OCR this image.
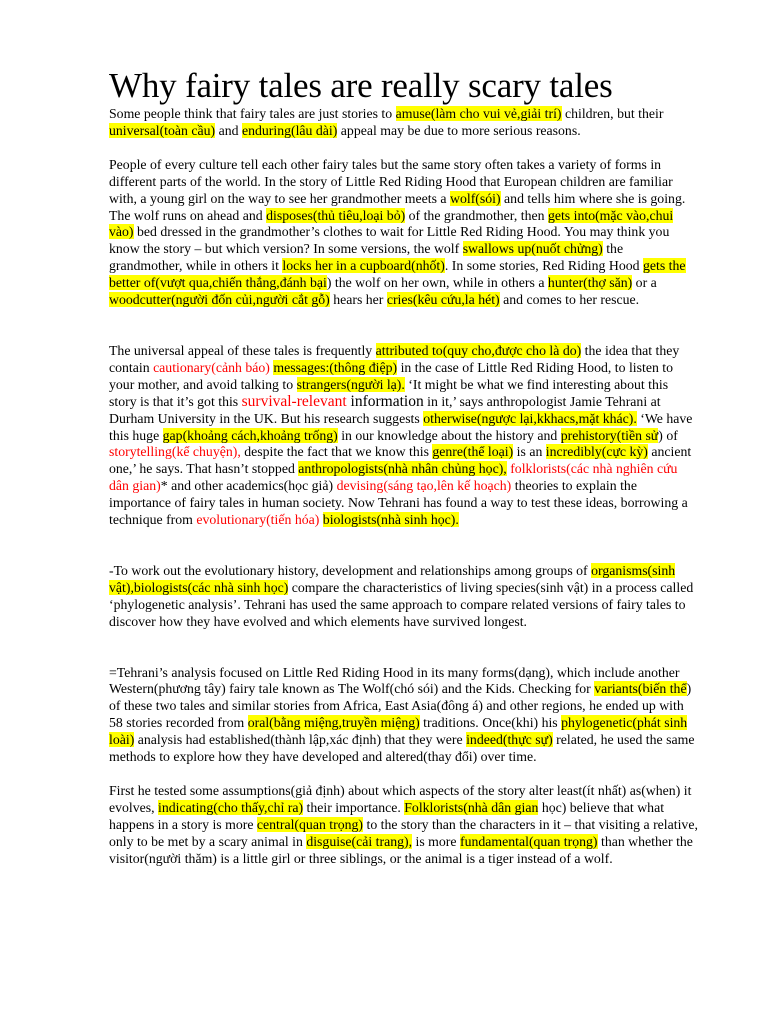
Why fairy tales are really scary tales

Some people think that fairy tales are just stories to amuse(làm cho vui vẻ,giải trí) children, but their universal(toàn cầu) and enduring(lâu dài) appeal may be due to more serious reasons.

People of every culture tell each other fairy tales but the same story often takes a variety of forms in different parts of the world. In the story of Little Red Riding Hood that European children are familiar with, a young girl on the way to see her grandmother meets a wolf(sói) and tells him where she is going. The wolf runs on ahead and disposes(thủ tiêu,loại bỏ) of the grandmother, then gets into(mặc vào,chui vào) bed dressed in the grandmother’s clothes to wait for Little Red Riding Hood. You may think you know the story – but which version? In some versions, the wolf swallows up(nuốt chửng) the grandmother, while in others it locks her in a cupboard(nhốt). In some stories, Red Riding Hood gets the better of(vượt qua,chiến thắng,đánh bại) the wolf on her own, while in others a hunter(thợ săn) or a woodcutter(người đốn củi,người cắt gỗ) hears her cries(kêu cứu,la hét) and comes to her rescue.

The universal appeal of these tales is frequently attributed to(quy cho,được cho là do) the idea that they contain cautionary(cảnh báo) messages:(thông điệp) in the case of Little Red Riding Hood, to listen to your mother, and avoid talking to strangers(người lạ). ‘It might be what we find interesting about this story is that it’s got this survival-relevant information in it,’ says anthropologist Jamie Tehrani at Durham University in the UK. But his research suggests otherwise(ngược lại,kkhacs,mặt khác). ‘We have this huge gap(khoảng cách,khoảng trống) in our knowledge about the history and prehistory(tiền sử) of storytelling(kể chuyện), despite the fact that we know this genre(thể loại) is an incredibly(cực kỳ) ancient one,’ he says. That hasn’t stopped anthropologists(nhà nhân chủng học), folklorists(các nhà nghiên cứu dân gian)* and other academics(học giả) devising(sáng tạo,lên kế hoạch) theories to explain the importance of fairy tales in human society. Now Tehrani has found a way to test these ideas, borrowing a technique from evolutionary(tiến hóa) biologists(nhà sinh học).

-To work out the evolutionary history, development and relationships among groups of organisms(sinh vật),biologists(các nhà sinh học) compare the characteristics of living species(sinh vật) in a process called ‘phylogenetic analysis’. Tehrani has used the same approach to compare related versions of fairy tales to discover how they have evolved and which elements have survived longest.

=Tehrani’s analysis focused on Little Red Riding Hood in its many forms(dạng), which include another Western(phương tây) fairy tale known as The Wolf(chó sói) and the Kids. Checking for variants(biến thể) of these two tales and similar stories from Africa, East Asia(đông á) and other regions, he ended up with 58 stories recorded from oral(bằng miệng,truyền miệng) traditions. Once(khi) his phylogenetic(phát sinh loài) analysis had established(thành lập,xác định) that they were indeed(thực sự) related, he used the same methods to explore how they have developed and altered(thay đổi) over time.

First he tested some assumptions(giả định) about which aspects of the story alter least(ít nhất) as(when) it evolves, indicating(cho thấy,chỉ ra) their importance. Folklorists(nhà dân gian học) believe that what happens in a story is more central(quan trọng) to the story than the characters in it – that visiting a relative, only to be met by a scary animal in disguise(cải trang), is more fundamental(quan trọng) than whether the visitor(người thăm) is a little girl or three siblings, or the animal is a tiger instead of a wolf.
